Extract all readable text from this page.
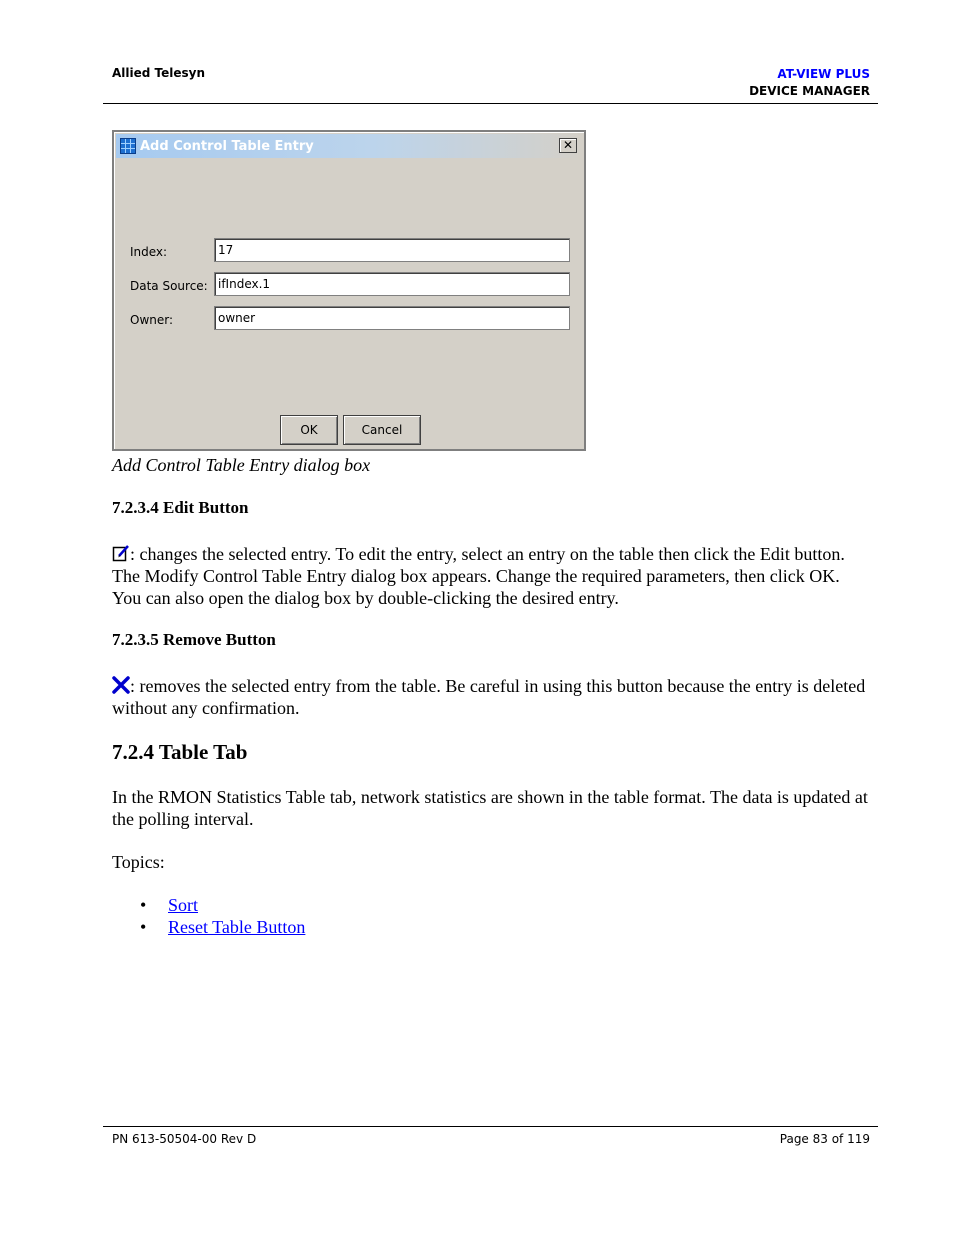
Allied Telesyn	AT-VIEW PLUS
DEVICE MANAGER
Add Control Table Entry	✕
Index:	17
Data Source: ifIndex.1
Owner:	owner
OK	Cancel
Add Control Table Entry dialog box
7.2.3.4 Edit Button
: changes the selected entry. To edit the entry, select an entry on the table then click the Edit button. The Modify Control Table Entry dialog box appears. Change the required parameters, then click OK. You can also open the dialog box by double-clicking the desired entry.
7.2.3.5 Remove Button
: removes the selected entry from the table. Be careful in using this button because the entry is deleted without any confirmation.
7.2.4 Table Tab
In the RMON Statistics Table tab, network statistics are shown in the table format. The data is updated at the polling interval.
Topics:
• Sort
• Reset Table Button
PN 613-50504-00 Rev D	Page 83 of 119
